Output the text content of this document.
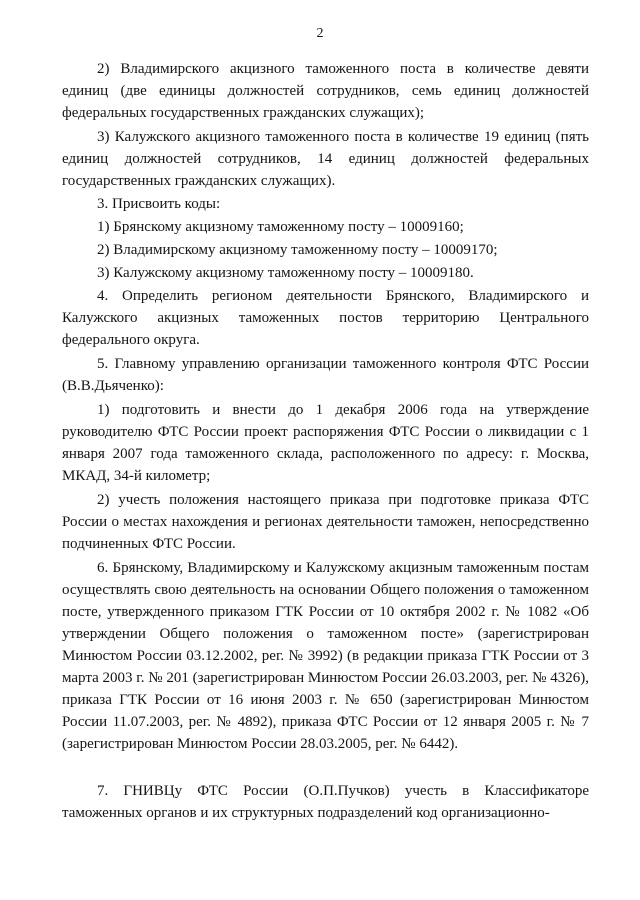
2

2) Владимирского акцизного таможенного поста в количестве девяти единиц (две единицы должностей сотрудников, семь единиц должностей федеральных государственных гражданских служащих);

3) Калужского акцизного таможенного поста в количестве 19 единиц (пять единиц должностей сотрудников, 14 единиц должностей федеральных государственных гражданских служащих).

3. Присвоить коды:

1) Брянскому акцизному таможенному посту – 10009160;

2) Владимирскому акцизному таможенному посту – 10009170;

3) Калужскому акцизному таможенному посту – 10009180.

4. Определить регионом деятельности Брянского, Владимирского и Калужского акцизных таможенных постов территорию Центрального федерального округа.

5. Главному управлению организации таможенного контроля ФТС России (В.В.Дьяченко):

1) подготовить и внести до 1 декабря 2006 года на утверждение руководителю ФТС России проект распоряжения ФТС России о ликвидации с 1 января 2007 года таможенного склада, расположенного по адресу: г. Москва, МКАД, 34-й километр;

2) учесть положения настоящего приказа при подготовке приказа ФТС России о местах нахождения и регионах деятельности таможен, непосредственно подчиненных ФТС России.

6. Брянскому, Владимирскому и Калужскому акцизным таможенным постам осуществлять свою деятельность на основании Общего положения о таможенном посте, утвержденного приказом ГТК России от 10 октября 2002 г. № 1082 «Об утверждении Общего положения о таможенном посте» (зарегистрирован Минюстом России 03.12.2002, рег. № 3992) (в редакции приказа ГТК России от 3 марта 2003 г. № 201 (зарегистрирован Минюстом России 26.03.2003, рег. № 4326), приказа ГТК России от 16 июня 2003 г. № 650 (зарегистрирован Минюстом России 11.07.2003, рег. № 4892), приказа ФТС России от 12 января 2005 г. № 7 (зарегистрирован Минюстом России 28.03.2005, рег. № 6442).

7. ГНИВЦу ФТС России (О.П.Пучков) учесть в Классификаторе таможенных органов и их структурных подразделений код организационно-
